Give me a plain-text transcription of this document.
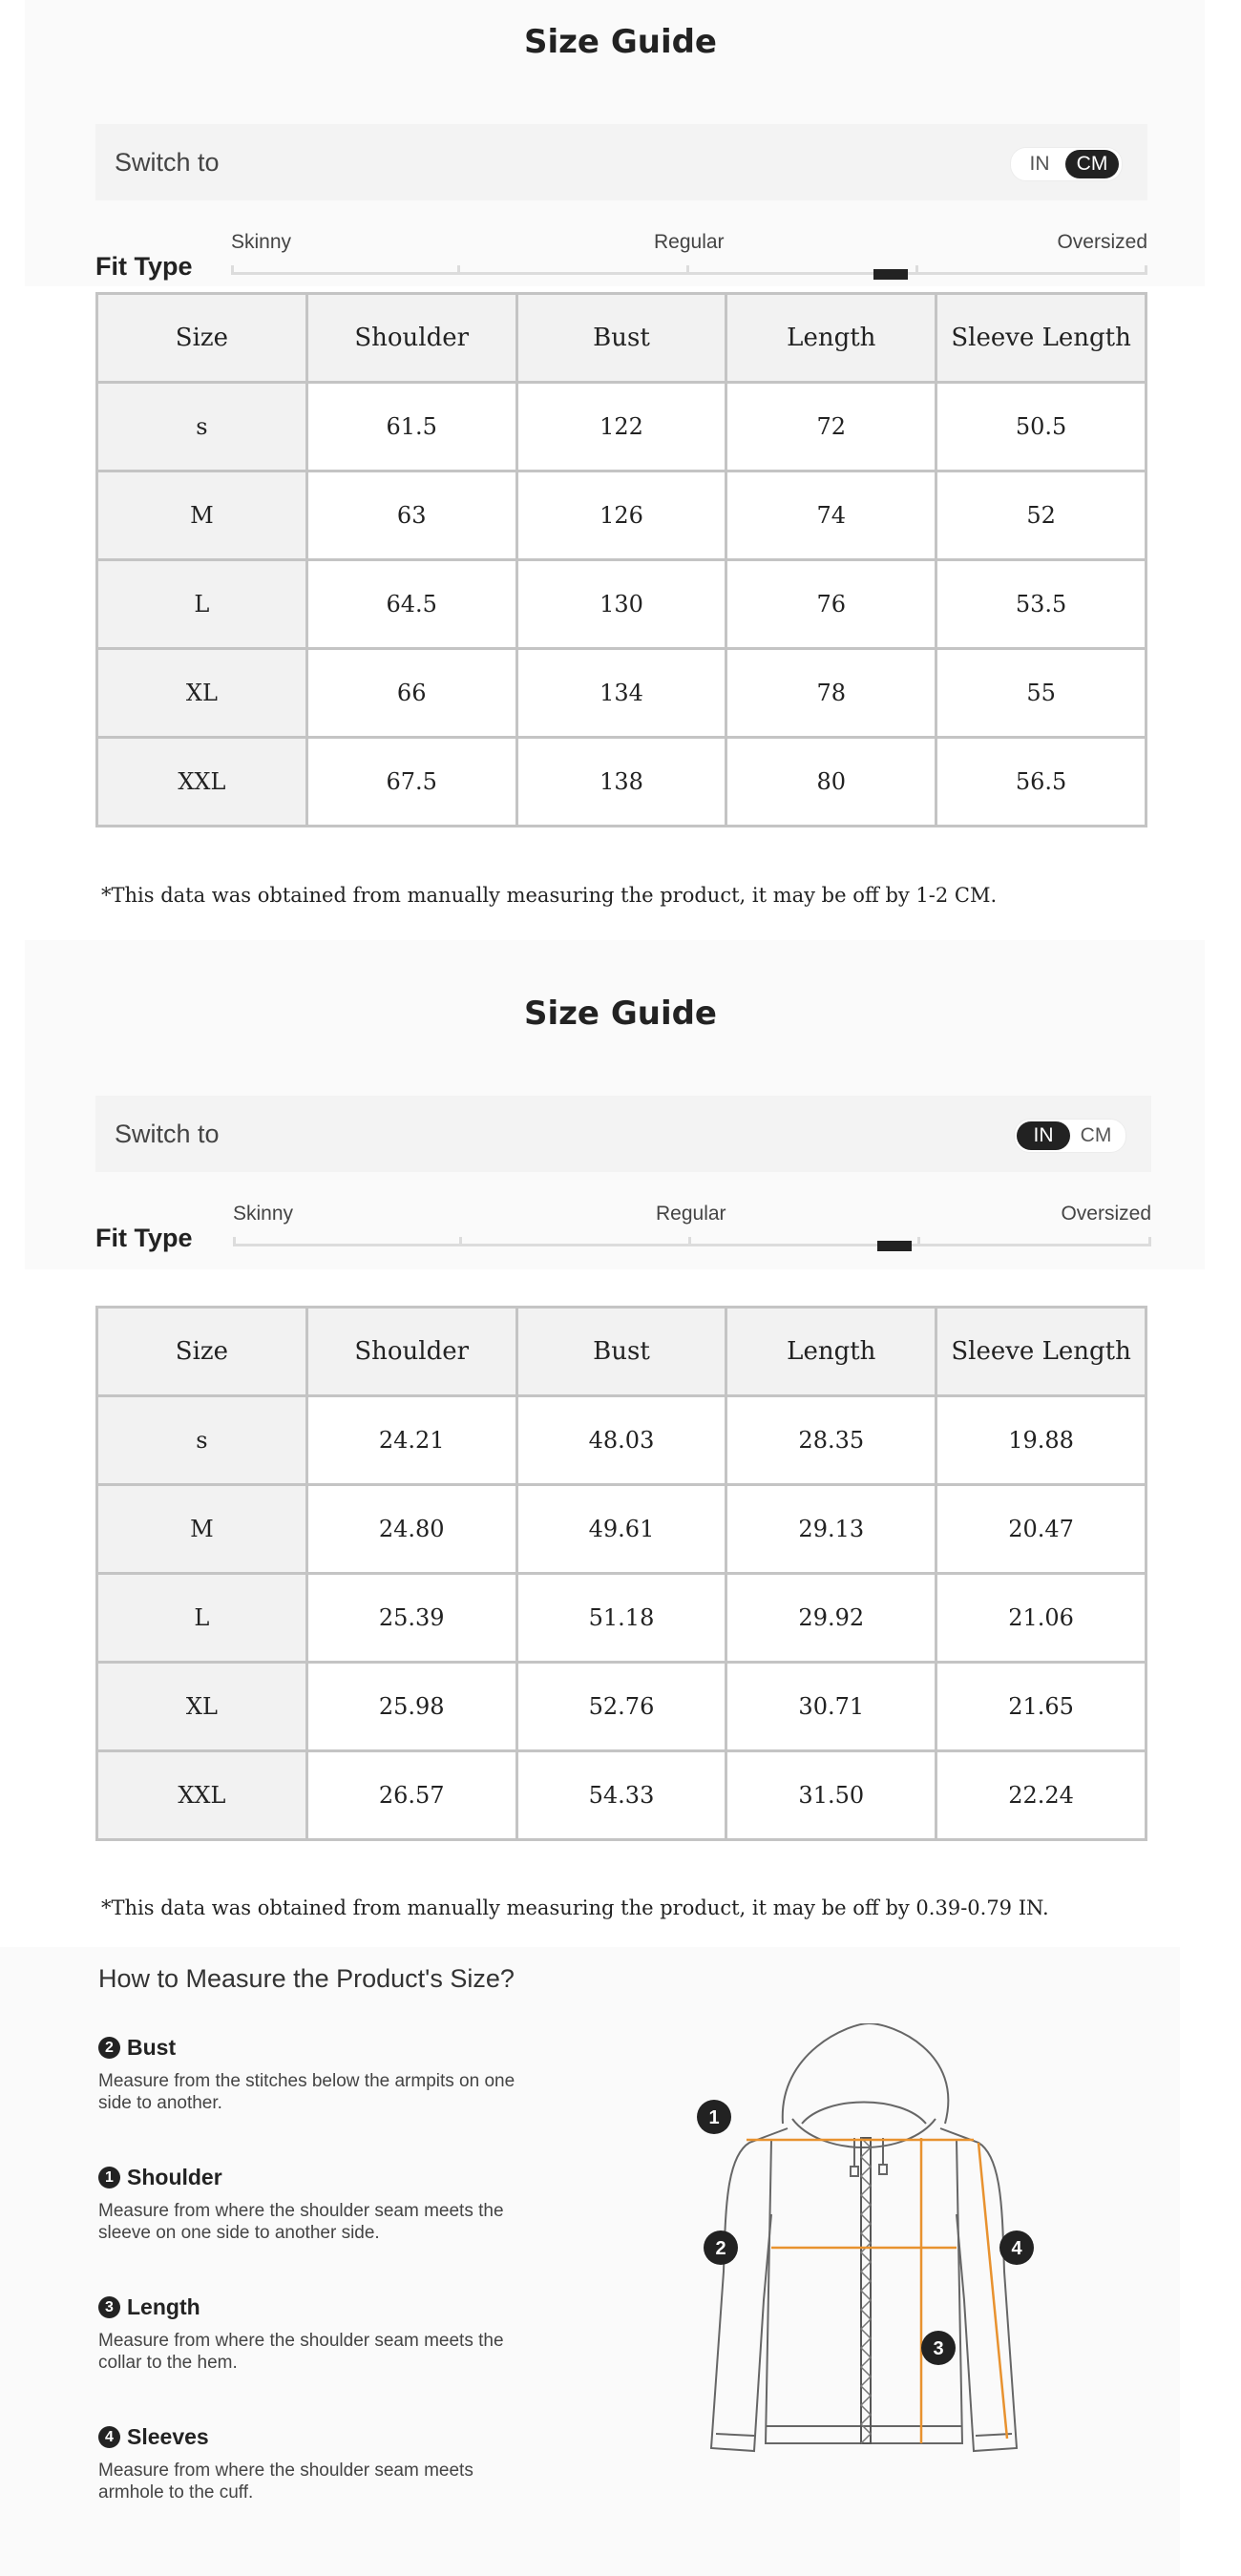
Size Guide
Switch to	IN	CM
Fit Type
Skinny	Regular	Oversized
Size	Shoulder	Bust	Length	Sleeve Length
s	61.5	122	72	50.5
M	63	126	74	52
L	64.5	130	76	53.5
XL	66	134	78	55
XXL	67.5	138	80	56.5
*This data was obtained from manually measuring the product, it may be off by 1-2 CM.
Size Guide
Switch to	IN	CM
Fit Type
Skinny	Regular	Oversized
Size	Shoulder	Bust	Length	Sleeve Length
s	24.21	48.03	28.35	19.88
M	24.80	49.61	29.13	20.47
L	25.39	51.18	29.92	21.06
XL	25.98	52.76	30.71	21.65
XXL	26.57	54.33	31.50	22.24
*This data was obtained from manually measuring the product, it may be off by 0.39-0.79 IN.
How to Measure the Product's Size?
2 Bust
Measure from the stitches below the armpits on one side to another.
1 Shoulder
Measure from where the shoulder seam meets the sleeve on one side to another side.
3 Length
Measure from where the shoulder seam meets the collar to the hem.
4 Sleeves
Measure from where the shoulder seam meets armhole to the cuff.
1
2
3
4
